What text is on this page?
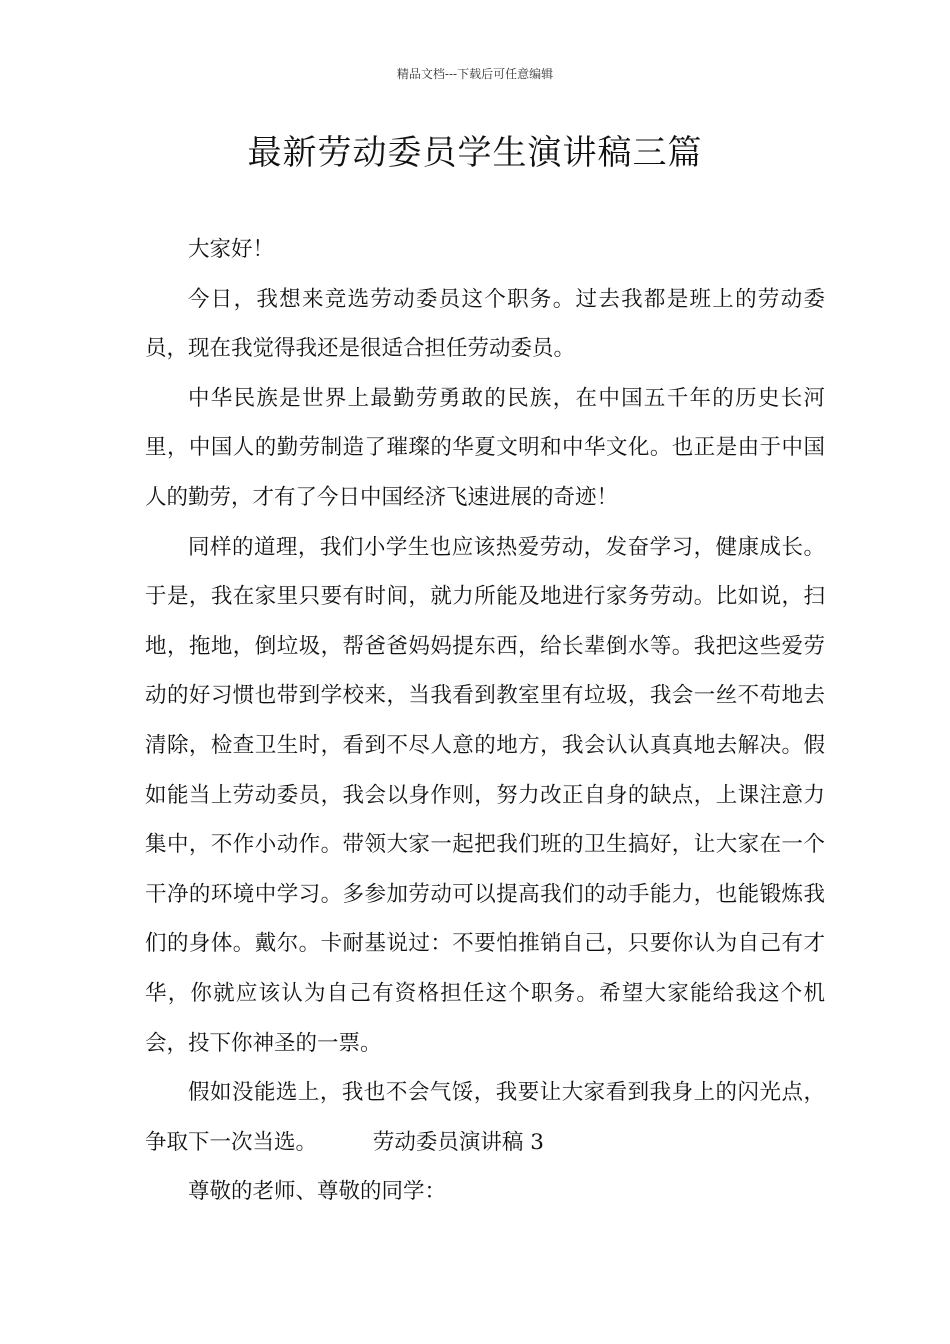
精品文档---下载后可任意编辑
最新劳动委员学生演讲稿三篇

大家好！

今日，我想来竞选劳动委员这个职务。过去我都是班上的劳动委员，现在我觉得我还是很适合担任劳动委员。

中华民族是世界上最勤劳勇敢的民族，在中国五千年的历史长河里，中国人的勤劳制造了璀璨的华夏文明和中华文化。也正是由于中国人的勤劳，才有了今日中国经济飞速进展的奇迹！

同样的道理，我们小学生也应该热爱劳动，发奋学习，健康成长。于是，我在家里只要有时间，就力所能及地进行家务劳动。比如说，扫地，拖地，倒垃圾，帮爸爸妈妈提东西，给长辈倒水等。我把这些爱劳动的好习惯也带到学校来，当我看到教室里有垃圾，我会一丝不苟地去清除，检查卫生时，看到不尽人意的地方，我会认认真真地去解决。假如能当上劳动委员，我会以身作则，努力改正自身的缺点，上课注意力集中，不作小动作。带领大家一起把我们班的卫生搞好，让大家在一个干净的环境中学习。多参加劳动可以提高我们的动手能力，也能锻炼我们的身体。戴尔。卡耐基说过：不要怕推销自己，只要你认为自己有才华，你就应该认为自己有资格担任这个职务。希望大家能给我这个机会，投下你神圣的一票。

假如没能选上，我也不会气馁，我要让大家看到我身上的闪光点，争取下一次当选。	劳动委员演讲稿 3

尊敬的老师、尊敬的同学：
